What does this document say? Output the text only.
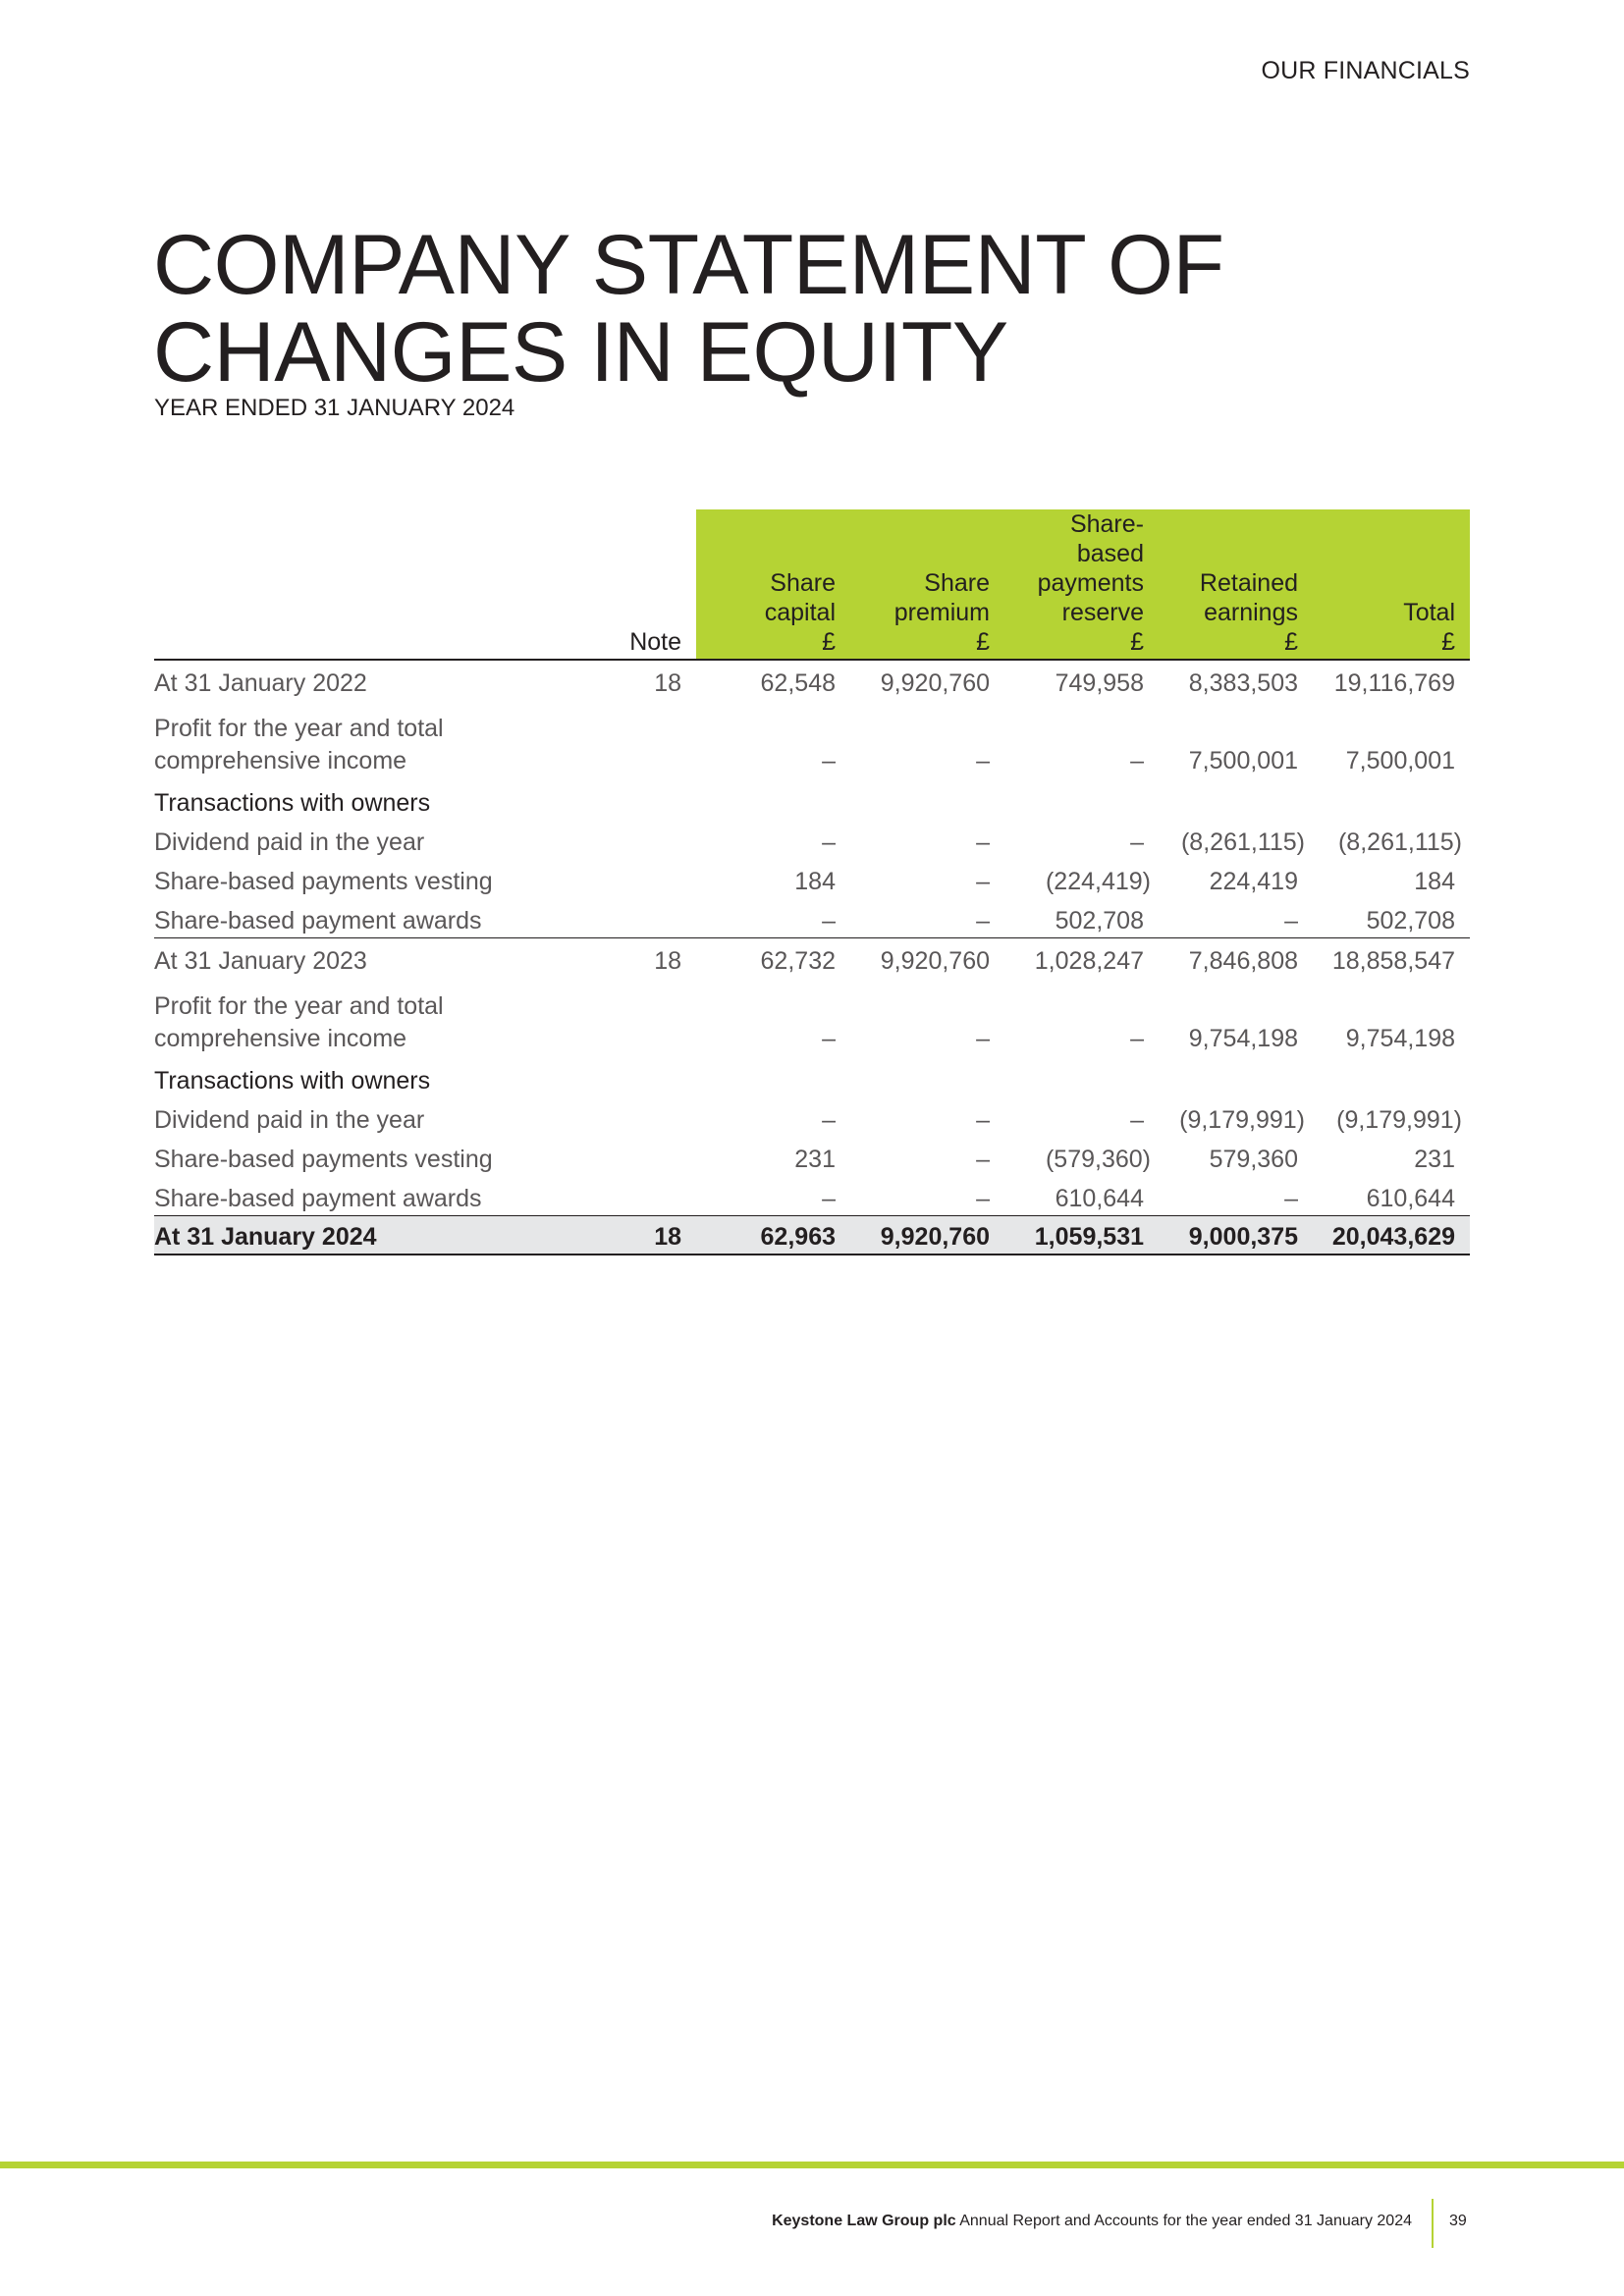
OUR FINANCIALS
COMPANY STATEMENT OF
CHANGES IN EQUITY
YEAR ENDED 31 JANUARY 2024
	Note	Share
capital
£	Share
premium
£	Share-based
payments
reserve
£	Retained
earnings
£	Total
£
At 31 January 2022	18	62,548	9,920,760	749,958	8,383,503	19,116,769
Profit for the year and total comprehensive income		–	–	–	7,500,001	7,500,001
Transactions with owners						
Dividend paid in the year		–	–	–	(8,261,115)	(8,261,115)
Share-based payments vesting		184	–	(224,419)	224,419	184
Share-based payment awards		–	–	502,708	–	502,708
At 31 January 2023	18	62,732	9,920,760	1,028,247	7,846,808	18,858,547
Profit for the year and total comprehensive income		–	–	–	9,754,198	9,754,198
Transactions with owners						
Dividend paid in the year		–	–	–	(9,179,991)	(9,179,991)
Share-based payments vesting		231	–	(579,360)	579,360	231
Share-based payment awards		–	–	610,644	–	610,644
At 31 January 2024	18	62,963	9,920,760	1,059,531	9,000,375	20,043,629
Keystone Law Group plc Annual Report and Accounts for the year ended 31 January 2024 39
